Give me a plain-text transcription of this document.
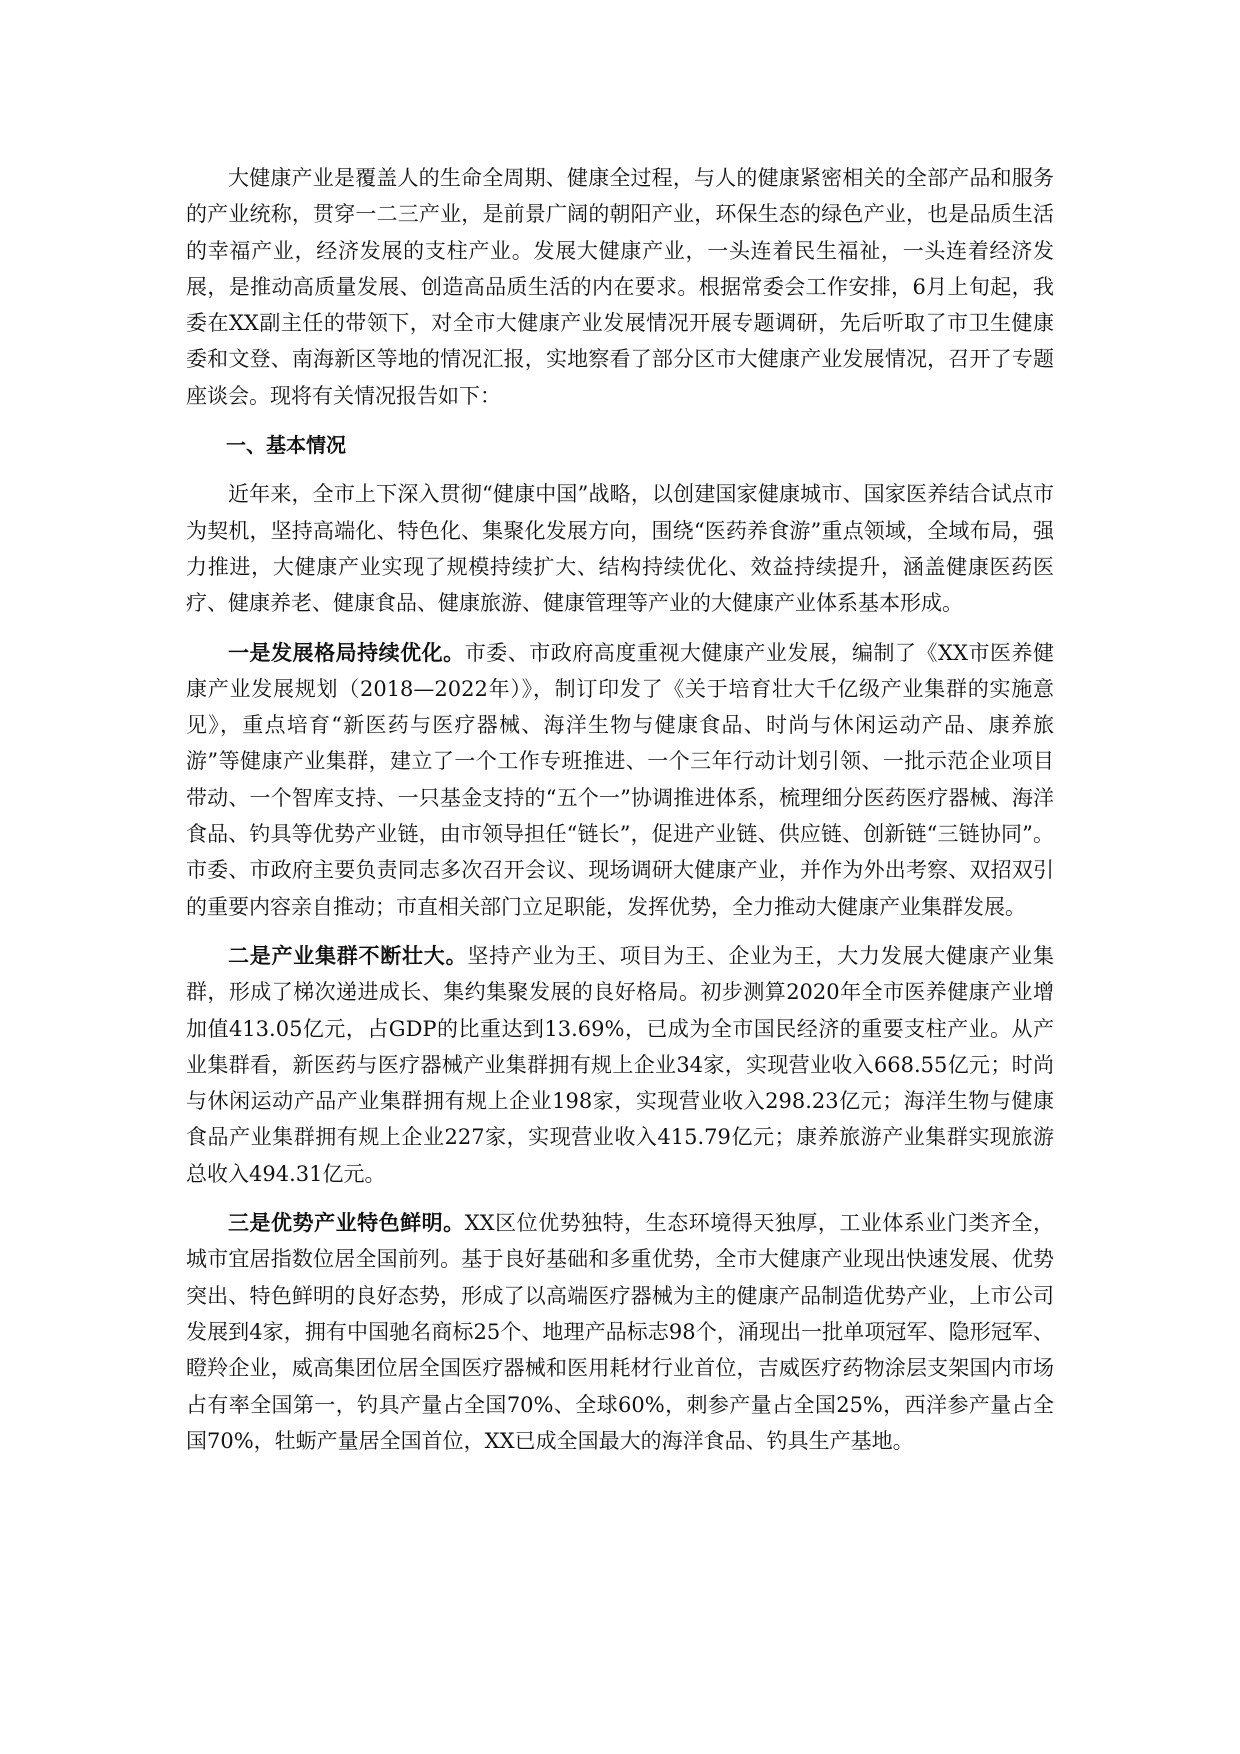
大健康产业是覆盖人的生命全周期、健康全过程，与人的健康紧密相关的全部产品和服务的产业统称，贯穿一二三产业，是前景广阔的朝阳产业，环保生态的绿色产业，也是品质生活的幸福产业，经济发展的支柱产业。发展大健康产业，一头连着民生福祉，一头连着经济发展，是推动高质量发展、创造高品质生活的内在要求。根据常委会工作安排，6月上旬起，我委在XX副主任的带领下，对全市大健康产业发展情况开展专题调研，先后听取了市卫生健康委和文登、南海新区等地的情况汇报，实地察看了部分区市大健康产业发展情况，召开了专题座谈会。现将有关情况报告如下：

一、基本情况

近年来，全市上下深入贯彻“健康中国”战略，以创建国家健康城市、国家医养结合试点市为契机，坚持高端化、特色化、集聚化发展方向，围绕“医药养食游”重点领域，全域布局，强力推进，大健康产业实现了规模持续扩大、结构持续优化、效益持续提升，涵盖健康医药医疗、健康养老、健康食品、健康旅游、健康管理等产业的大健康产业体系基本形成。

一是发展格局持续优化。市委、市政府高度重视大健康产业发展，编制了《XX市医养健康产业发展规划（2018—2022年）》，制订印发了《关于培育壮大千亿级产业集群的实施意见》，重点培育“新医药与医疗器械、海洋生物与健康食品、时尚与休闲运动产品、康养旅游”等健康产业集群，建立了一个工作专班推进、一个三年行动计划引领、一批示范企业项目带动、一个智库支持、一只基金支持的“五个一”协调推进体系，梳理细分医药医疗器械、海洋食品、钓具等优势产业链，由市领导担任“链长”，促进产业链、供应链、创新链“三链协同”。市委、市政府主要负责同志多次召开会议、现场调研大健康产业，并作为外出考察、双招双引的重要内容亲自推动；市直相关部门立足职能，发挥优势，全力推动大健康产业集群发展。

二是产业集群不断壮大。坚持产业为王、项目为王、企业为王，大力发展大健康产业集群，形成了梯次递进成长、集约集聚发展的良好格局。初步测算2020年全市医养健康产业增加值413.05亿元，占GDP的比重达到13.69%，已成为全市国民经济的重要支柱产业。从产业集群看，新医药与医疗器械产业集群拥有规上企业34家，实现营业收入668.55亿元；时尚与休闲运动产品产业集群拥有规上企业198家，实现营业收入298.23亿元；海洋生物与健康食品产业集群拥有规上企业227家，实现营业收入415.79亿元；康养旅游产业集群实现旅游总收入494.31亿元。

三是优势产业特色鲜明。XX区位优势独特，生态环境得天独厚，工业体系业门类齐全，城市宜居指数位居全国前列。基于良好基础和多重优势，全市大健康产业现出快速发展、优势突出、特色鲜明的良好态势，形成了以高端医疗器械为主的健康产品制造优势产业，上市公司发展到4家，拥有中国驰名商标25个、地理产品标志98个，涌现出一批单项冠军、隐形冠军、瞪羚企业，威高集团位居全国医疗器械和医用耗材行业首位，吉威医疗药物涂层支架国内市场占有率全国第一，钓具产量占全国70%、全球60%，刺参产量占全国25%，西洋参产量占全国70%，牡蛎产量居全国首位，XX已成全国最大的海洋食品、钓具生产基地。
